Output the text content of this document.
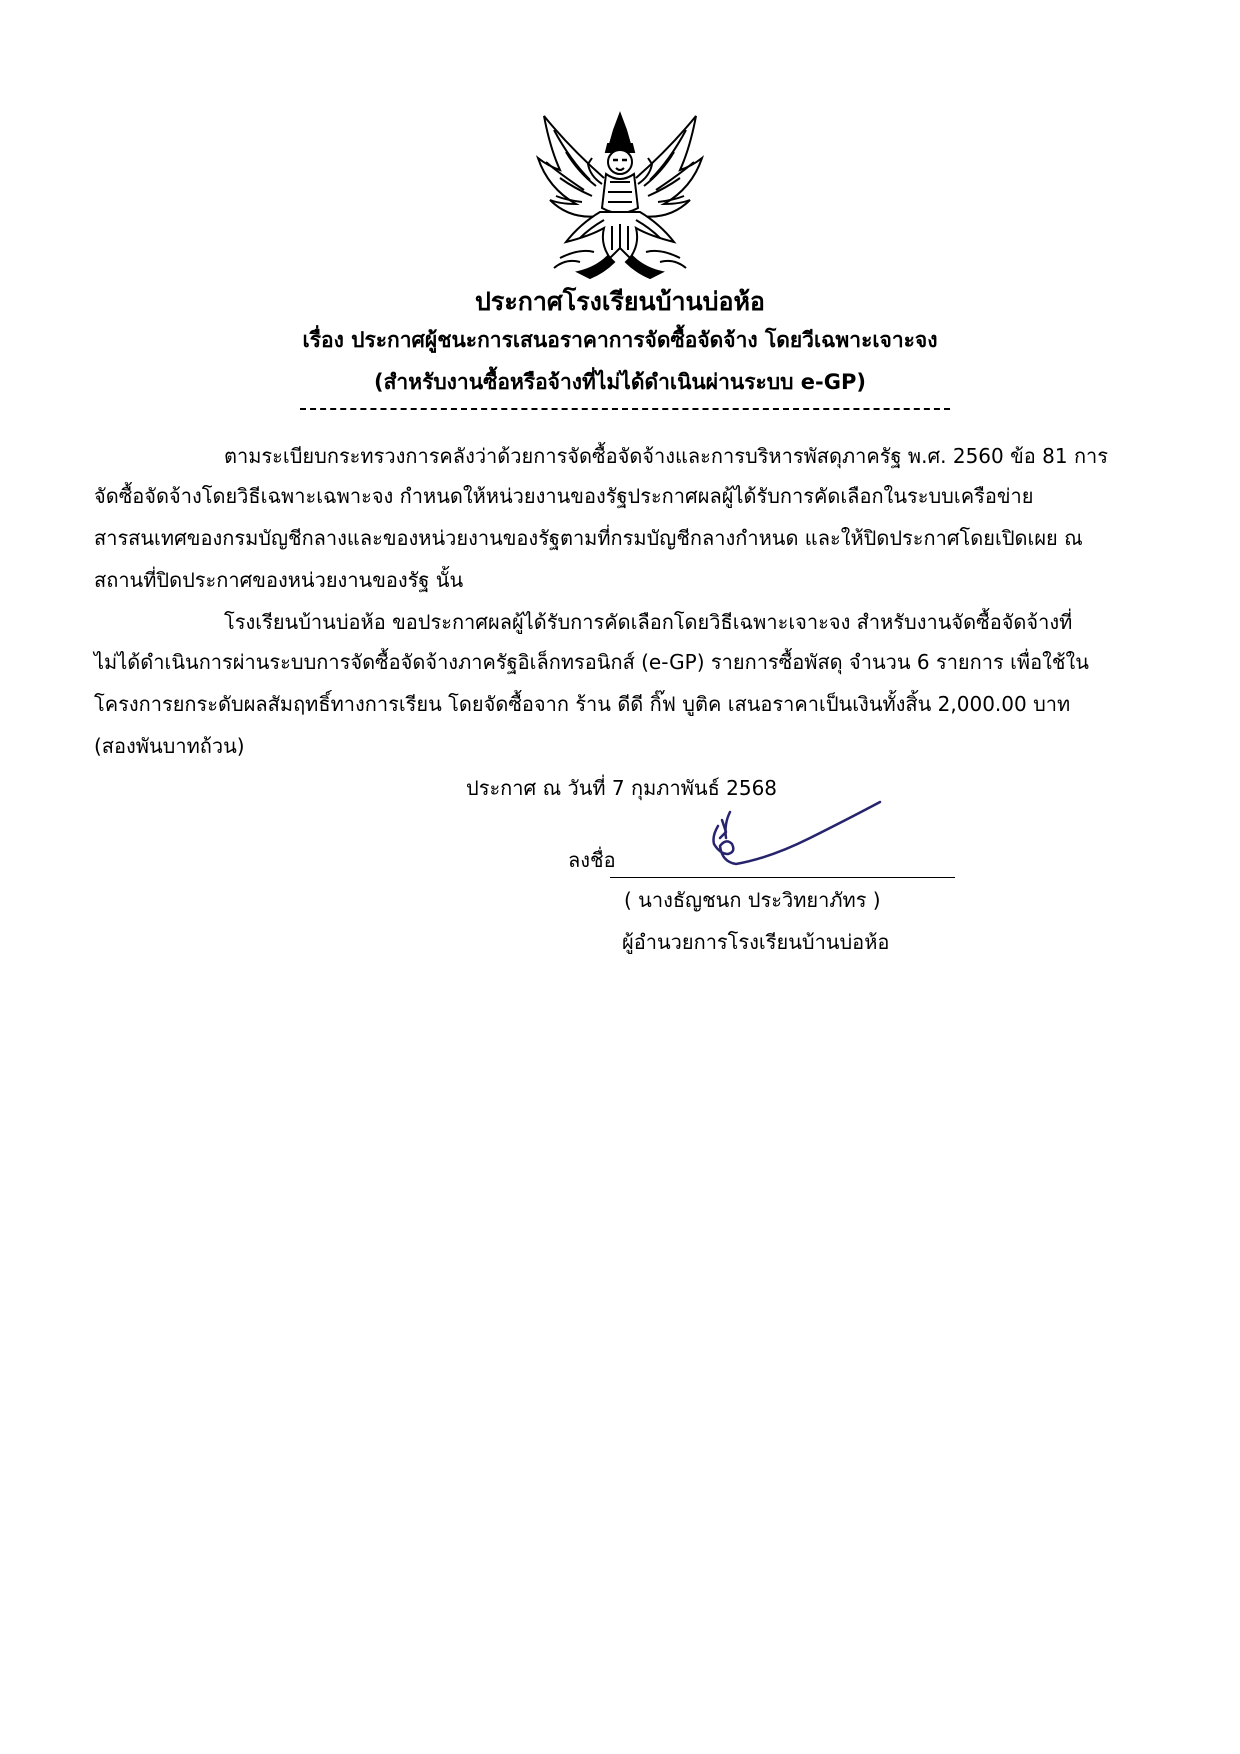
ประกาศโรงเรียนบ้านบ่อห้อ
เรื่อง ประกาศผู้ชนะการเสนอราคาการจัดซื้อจัดจ้าง โดยวีเฉพาะเจาะจง
(สำหรับงานซื้อหรือจ้างที่ไม่ได้ดำเนินผ่านระบบ e-GP)
ตามระเบียบกระทรวงการคลังว่าด้วยการจัดซื้อจัดจ้างและการบริหารพัสดุภาครัฐ พ.ศ. 2560 ข้อ 81 การ
จัดซื้อจัดจ้างโดยวิธีเฉพาะเฉพาะจง กำหนดให้หน่วยงานของรัฐประกาศผลผู้ได้รับการคัดเลือกในระบบเครือข่าย
สารสนเทศของกรมบัญชีกลางและของหน่วยงานของรัฐตามที่กรมบัญชีกลางกำหนด และให้ปิดประกาศโดยเปิดเผย ณ
สถานที่ปิดประกาศของหน่วยงานของรัฐ นั้น
โรงเรียนบ้านบ่อห้อ ขอประกาศผลผู้ได้รับการคัดเลือกโดยวิธีเฉพาะเจาะจง สำหรับงานจัดซื้อจัดจ้างที่
ไม่ได้ดำเนินการผ่านระบบการจัดซื้อจัดจ้างภาครัฐอิเล็กทรอนิกส์ (e-GP) รายการซื้อพัสดุ จำนวน 6 รายการ เพื่อใช้ใน
โครงการยกระดับผลสัมฤทธิ์ทางการเรียน โดยจัดซื้อจาก ร้าน ดีดี กิ๊ฟ บูติค เสนอราคาเป็นเงินทั้งสิ้น 2,000.00 บาท
(สองพันบาทถ้วน)
ประกาศ ณ วันที่ 7 กุมภาพันธ์ 2568
ลงชื่อ
( นางธัญชนก ประวิทยาภัทร )
ผู้อำนวยการโรงเรียนบ้านบ่อห้อ
